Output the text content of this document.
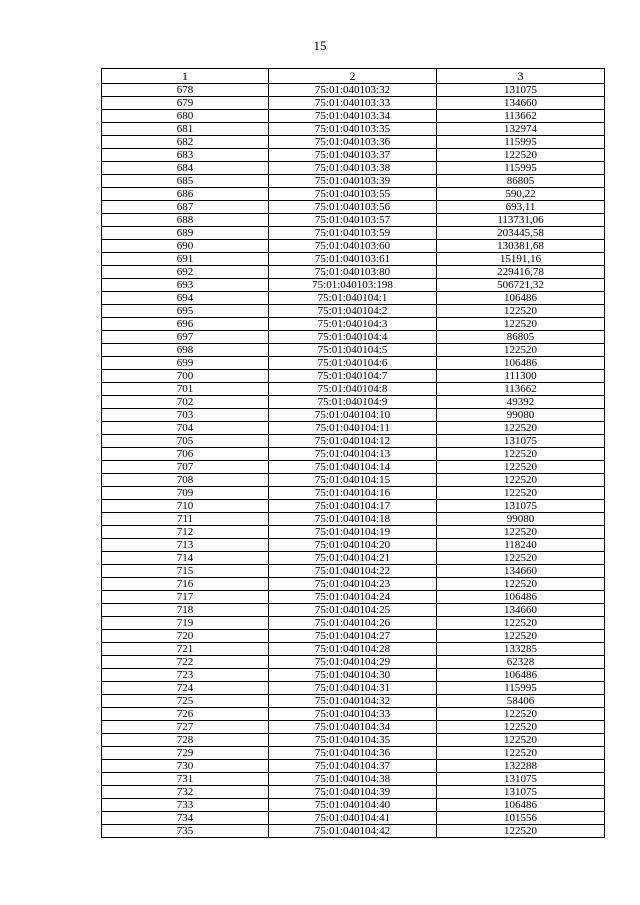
15
1	2	3
678	75:01:040103:32	131075
679	75:01:040103:33	134660
680	75:01:040103:34	113662
681	75:01:040103:35	132974
682	75:01:040103:36	115995
683	75:01:040103:37	122520
684	75:01:040103:38	115995
685	75:01:040103:39	86805
686	75:01:040103:55	590,22
687	75:01:040103:56	693,11
688	75:01:040103:57	113731,06
689	75:01:040103:59	203445,58
690	75:01:040103:60	130381,68
691	75:01:040103:61	15191,16
692	75:01:040103:80	229416,78
693	75:01:040103:198	506721,32
694	75:01:040104:1	106486
695	75:01:040104:2	122520
696	75:01:040104:3	122520
697	75:01:040104:4	86805
698	75:01:040104:5	122520
699	75:01:040104:6	106486
700	75:01:040104:7	111300
701	75:01:040104:8	113662
702	75:01:040104:9	49392
703	75:01:040104:10	99080
704	75:01:040104:11	122520
705	75:01:040104:12	131075
706	75:01:040104:13	122520
707	75:01:040104:14	122520
708	75:01:040104:15	122520
709	75:01:040104:16	122520
710	75:01:040104:17	131075
711	75:01:040104:18	99080
712	75:01:040104:19	122520
713	75:01:040104:20	118240
714	75:01:040104:21	122520
715	75:01:040104:22	134660
716	75:01:040104:23	122520
717	75:01:040104:24	106486
718	75:01:040104:25	134660
719	75:01:040104:26	122520
720	75:01:040104:27	122520
721	75:01:040104:28	133285
722	75:01:040104:29	62328
723	75:01:040104:30	106486
724	75:01:040104:31	115995
725	75:01:040104:32	58406
726	75:01:040104:33	122520
727	75:01:040104:34	122520
728	75:01:040104:35	122520
729	75:01:040104:36	122520
730	75:01:040104:37	132288
731	75:01:040104:38	131075
732	75:01:040104:39	131075
733	75:01:040104:40	106486
734	75:01:040104:41	101556
735	75:01:040104:42	122520
